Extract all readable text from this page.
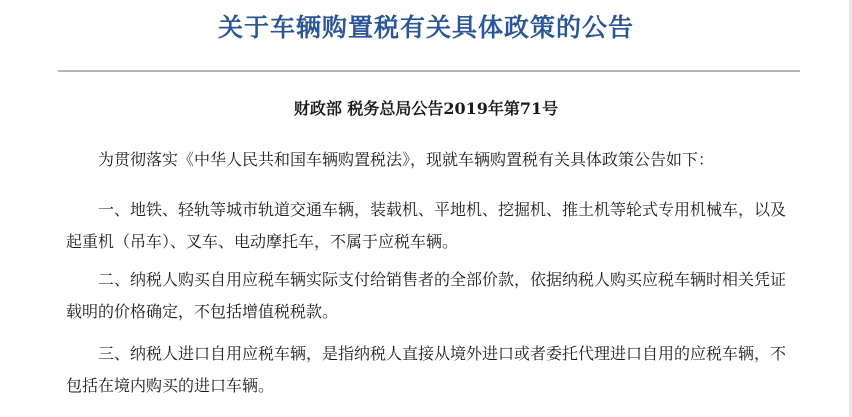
关于车辆购置税有关具体政策的公告
财政部 税务总局公告2019年第71号

为贯彻落实《中华人民共和国车辆购置税法》，现就车辆购置税有关具体政策公告如下：

一、地铁、轻轨等城市轨道交通车辆，装载机、平地机、挖掘机、推土机等轮式专用机械车，以及起重机（吊车）、叉车、电动摩托车，不属于应税车辆。

二、纳税人购买自用应税车辆实际支付给销售者的全部价款，依据纳税人购买应税车辆时相关凭证载明的价格确定，不包括增值税税款。

三、纳税人进口自用应税车辆，是指纳税人直接从境外进口或者委托代理进口自用的应税车辆，不包括在境内购买的进口车辆。
